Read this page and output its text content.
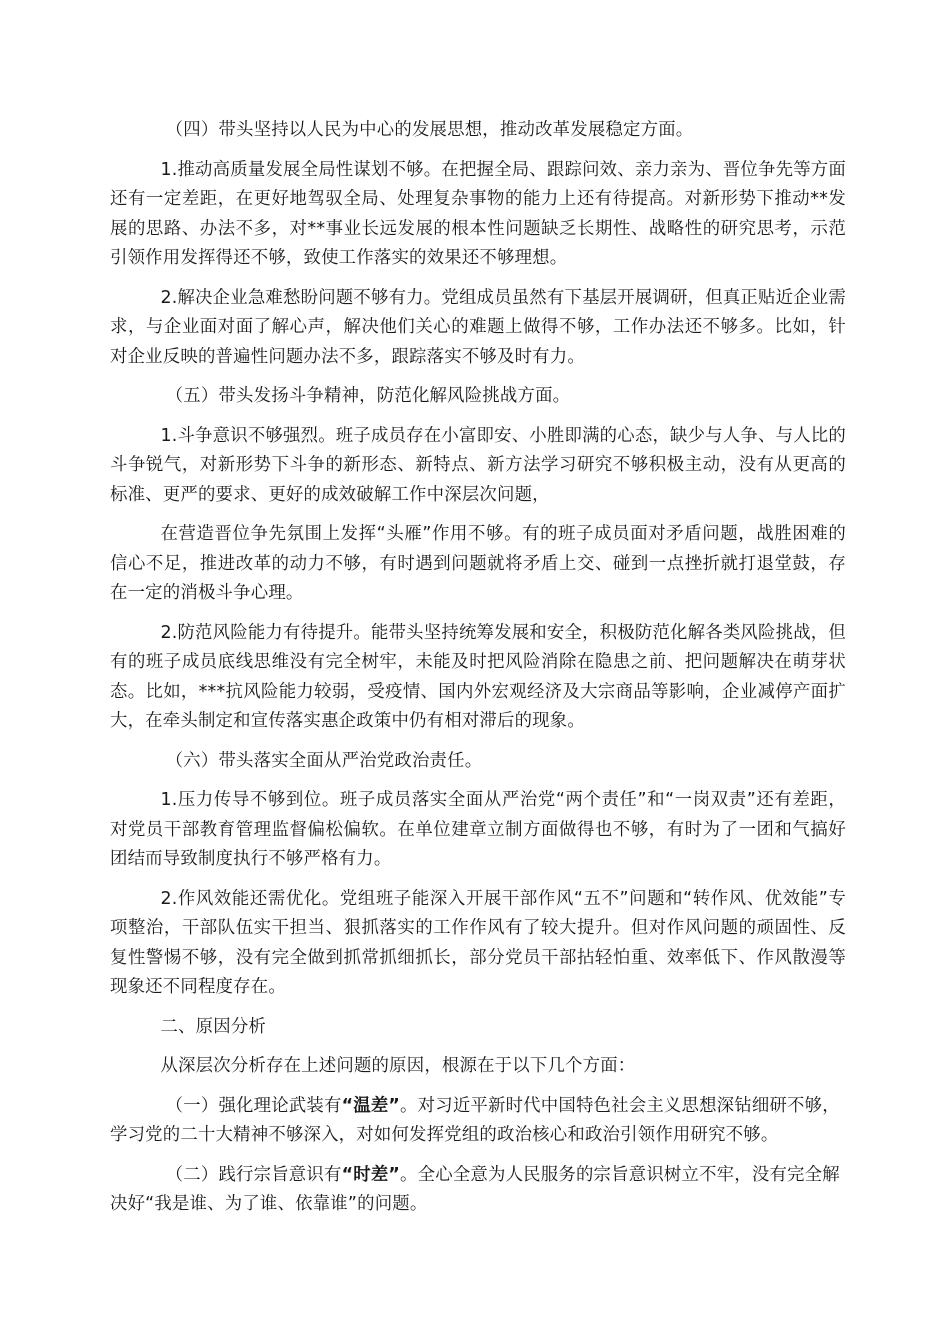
（四）带头坚持以人民为中心的发展思想，推动改革发展稳定方面。

1.推动高质量发展全局性谋划不够。在把握全局、跟踪问效、亲力亲为、晋位争先等方面还有一定差距，在更好地驾驭全局、处理复杂事物的能力上还有待提高。对新形势下推动**发展的思路、办法不多，对**事业长远发展的根本性问题缺乏长期性、战略性的研究思考，示范引领作用发挥得还不够，致使工作落实的效果还不够理想。

2.解决企业急难愁盼问题不够有力。党组成员虽然有下基层开展调研，但真正贴近企业需求，与企业面对面了解心声，解决他们关心的难题上做得不够，工作办法还不够多。比如，针对企业反映的普遍性问题办法不多，跟踪落实不够及时有力。

（五）带头发扬斗争精神，防范化解风险挑战方面。

1.斗争意识不够强烈。班子成员存在小富即安、小胜即满的心态，缺少与人争、与人比的斗争锐气，对新形势下斗争的新形态、新特点、新方法学习研究不够积极主动，没有从更高的标准、更严的要求、更好的成效破解工作中深层次问题，

在营造晋位争先氛围上发挥“头雁”作用不够。有的班子成员面对矛盾问题，战胜困难的信心不足，推进改革的动力不够，有时遇到问题就将矛盾上交、碰到一点挫折就打退堂鼓，存在一定的消极斗争心理。

2.防范风险能力有待提升。能带头坚持统筹发展和安全，积极防范化解各类风险挑战，但有的班子成员底线思维没有完全树牢，未能及时把风险消除在隐患之前、把问题解决在萌芽状态。比如，***抗风险能力较弱，受疫情、国内外宏观经济及大宗商品等影响，企业减停产面扩大，在牵头制定和宣传落实惠企政策中仍有相对滞后的现象。

（六）带头落实全面从严治党政治责任。

1.压力传导不够到位。班子成员落实全面从严治党“两个责任”和“一岗双责”还有差距，对党员干部教育管理监督偏松偏软。在单位建章立制方面做得也不够，有时为了一团和气搞好团结而导致制度执行不够严格有力。

2.作风效能还需优化。党组班子能深入开展干部作风“五不”问题和“转作风、优效能”专项整治，干部队伍实干担当、狠抓落实的工作作风有了较大提升。但对作风问题的顽固性、反复性警惕不够，没有完全做到抓常抓细抓长，部分党员干部拈轻怕重、效率低下、作风散漫等现象还不同程度存在。

二、原因分析

从深层次分析存在上述问题的原因，根源在于以下几个方面：

（一）强化理论武装有“温差”。对习近平新时代中国特色社会主义思想深钻细研不够，学习党的二十大精神不够深入，对如何发挥党组的政治核心和政治引领作用研究不够。

（二）践行宗旨意识有“时差”。全心全意为人民服务的宗旨意识树立不牢，没有完全解决好“我是谁、为了谁、依靠谁”的问题。
